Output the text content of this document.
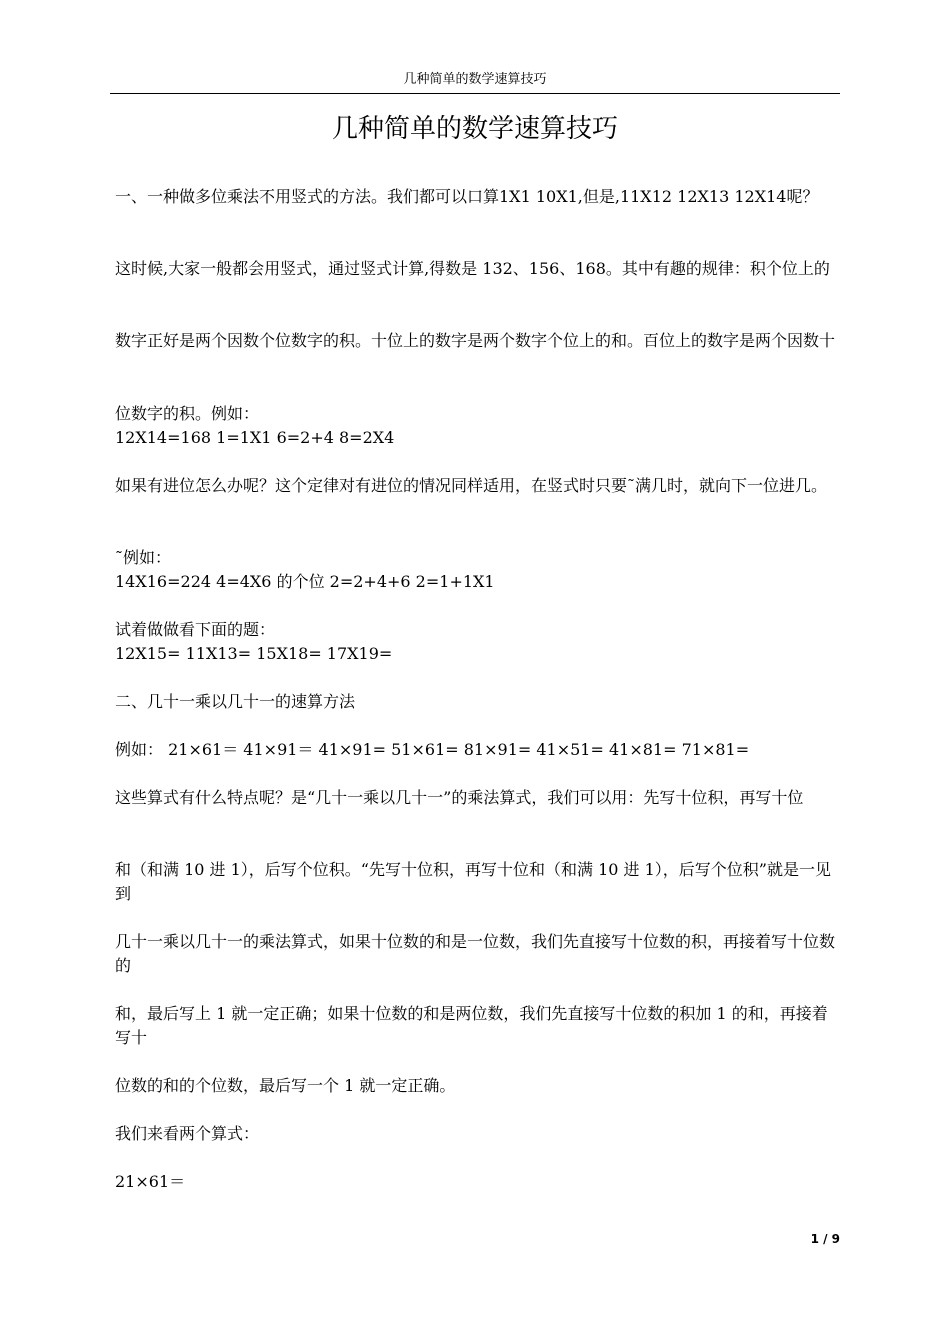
几种简单的数学速算技巧
几种简单的数学速算技巧

一、一种做多位乘法不用竖式的方法。我们都可以口算1X1 10X1,但是,11X12 12X13 12X14呢？

这时候,大家一般都会用竖式，通过竖式计算,得数是 132、156、168。其中有趣的规律：积个位上的

数字正好是两个因数个位数字的积。十位上的数字是两个数字个位上的和。百位上的数字是两个因数十

位数字的积。例如：

12X14=168 1=1X1 6=2+4 8=2X4

如果有进位怎么办呢？这个定律对有进位的情况同样适用，在竖式时只要˜满几时，就向下一位进几。

˜例如：

14X16=224 4=4X6 的个位 2=2+4+6 2=1+1X1

试着做做看下面的题：

12X15= 11X13= 15X18= 17X19=

二、几十一乘以几十一的速算方法

例如： 21×61＝ 41×91＝ 41×91= 51×61= 81×91= 41×51= 41×81= 71×81=

这些算式有什么特点呢？是“几十一乘以几十一”的乘法算式，我们可以用：先写十位积，再写十位

和（和满 10 进 1），后写个位积。“先写十位积，再写十位和（和满 10 进 1），后写个位积”就是一见到

几十一乘以几十一的乘法算式，如果十位数的和是一位数，我们先直接写十位数的积，再接着写十位数的

和，最后写上 1 就一定正确；如果十位数的和是两位数，我们先直接写十位数的积加 1 的和，再接着写十

位数的和的个位数，最后写一个 1 就一定正确。

我们来看两个算式：

21×61＝

1 / 9
